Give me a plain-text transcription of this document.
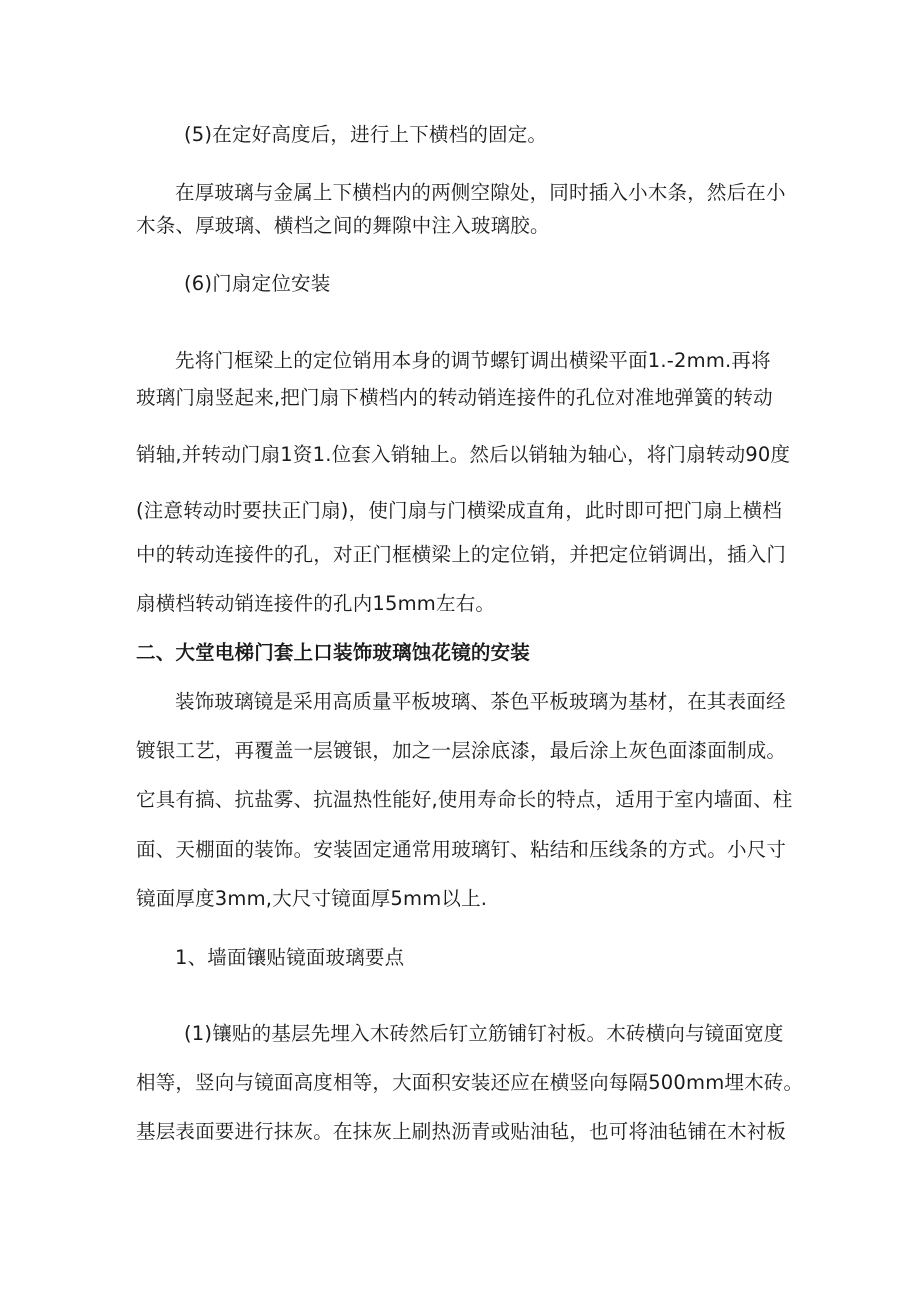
(5)在定好高度后，进行上下横档的固定。
在厚玻璃与金属上下横档内的两侧空隙处，同时插入小木条，然后在小
木条、厚玻璃、横档之间的舞隙中注入玻璃胶。
(6)门扇定位安装
先将门框梁上的定位销用本身的调节螺钉调出横梁平面1.-2mm.再将
玻璃门扇竖起来,把门扇下横档内的转动销连接件的孔位对准地弹簧的转动
销轴,并转动门扇1资1.位套入销轴上。然后以销轴为轴心，将门扇转动90度
(注意转动时要扶正门扇)，使门扇与门横梁成直角，此时即可把门扇上横档
中的转动连接件的孔，对正门框横梁上的定位销，并把定位销调出，插入门
扇横档转动销连接件的孔内15mm左右。
二、大堂电梯门套上口装饰玻璃蚀花镜的安装
装饰玻璃镜是采用高质量平板坡璃、茶色平板玻璃为基材，在其表面经
镀银工艺，再覆盖一层镀银，加之一层涂底漆，最后涂上灰色面漆面制成。
它具有搞、抗盐雾、抗温热性能好,使用寿命长的特点，适用于室内墙面、柱
面、天棚面的装饰。安装固定通常用玻璃钉、粘结和压线条的方式。小尺寸
镜面厚度3mm,大尺寸镜面厚5mm以上.
1、墙面镶贴镜面玻璃要点
(1)镶贴的基层先埋入木砖然后钉立筋铺钉衬板。木砖横向与镜面宽度
相等，竖向与镜面高度相等，大面积安装还应在横竖向每隔500mm埋木砖。
基层表面要进行抹灰。在抹灰上刷热沥青或贴油毡，也可将油毡铺在木衬板
